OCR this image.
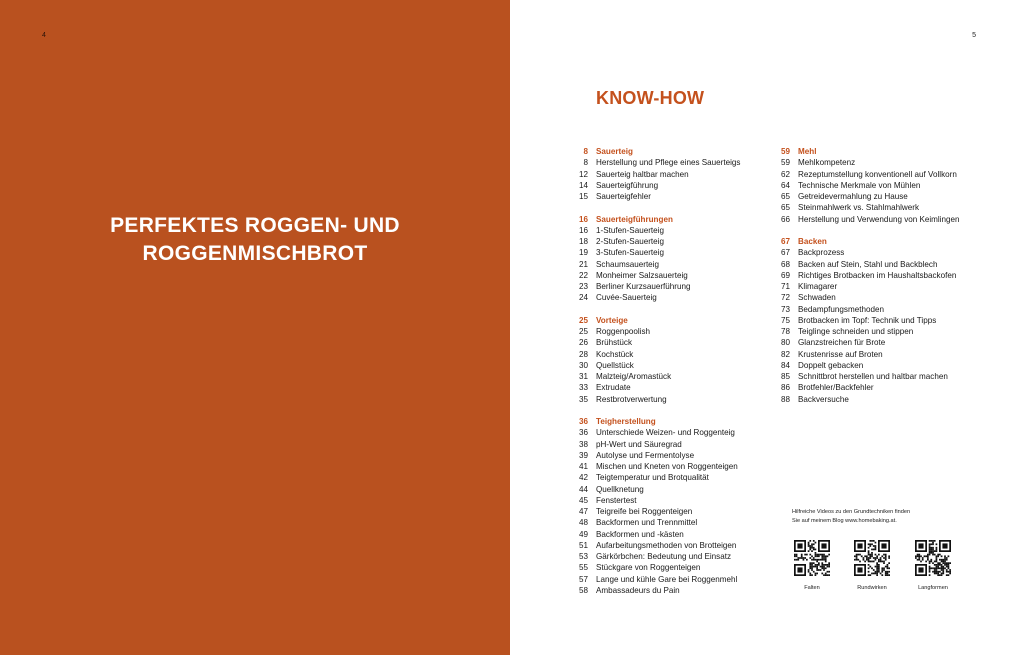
4
PERFEKTES ROGGEN- UND
ROGGENMISCHBROT
5
KNOW-HOW
8 Sauerteig
8 Herstellung und Pflege eines Sauerteigs
12 Sauerteig haltbar machen
14 Sauerteigführung
15 Sauerteigfehler
16 Sauerteigführungen
16 1-Stufen-Sauerteig
18 2-Stufen-Sauerteig
19 3-Stufen-Sauerteig
21 Schaumsauerteig
22 Monheimer Salzsauerteig
23 Berliner Kurzsauerführung
24 Cuvée-Sauerteig
25 Vorteige
25 Roggenpoolish
26 Brühstück
28 Kochstück
30 Quellstück
31 Malzteig/Aromastück
33 Extrudate
35 Restbrotverwertung
36 Teigherstellung
36 Unterschiede Weizen- und Roggenteig
38 pH-Wert und Säuregrad
39 Autolyse und Fermentolyse
41 Mischen und Kneten von Roggenteigen
42 Teigtemperatur und Brotqualität
44 Quellknetung
45 Fenstertest
47 Teigreife bei Roggenteigen
48 Backformen und Trennmittel
49 Backformen und -kästen
51 Aufarbeitungsmethoden von Brotteigen
53 Gärkörbchen: Bedeutung und Einsatz
55 Stückgare von Roggenteigen
57 Lange und kühle Gare bei Roggenmehl
58 Ambassadeurs du Pain
59 Mehl
59 Mehlkompetenz
62 Rezeptumstellung konventionell auf Vollkorn
64 Technische Merkmale von Mühlen
65 Getreidevermahlung zu Hause
65 Steinmahlwerk vs. Stahlmahlwerk
66 Herstellung und Verwendung von Keimlingen
67 Backen
67 Backprozess
68 Backen auf Stein, Stahl und Backblech
69 Richtiges Brotbacken im Haushaltsbackofen
71 Klimagarer
72 Schwaden
73 Bedampfungsmethoden
75 Brotbacken im Topf: Technik und Tipps
78 Teiglinge schneiden und stippen
80 Glanzstreichen für Brote
82 Krustenrisse auf Broten
84 Doppelt gebacken
85 Schnittbrot herstellen und haltbar machen
86 Brotfehler/Backfehler
88 Backversuche
Hilfreiche Videos zu den Grundtechniken finden
Sie auf meinem Blog www.homebaking.at.
Falten	Rundwirken	Langformen
